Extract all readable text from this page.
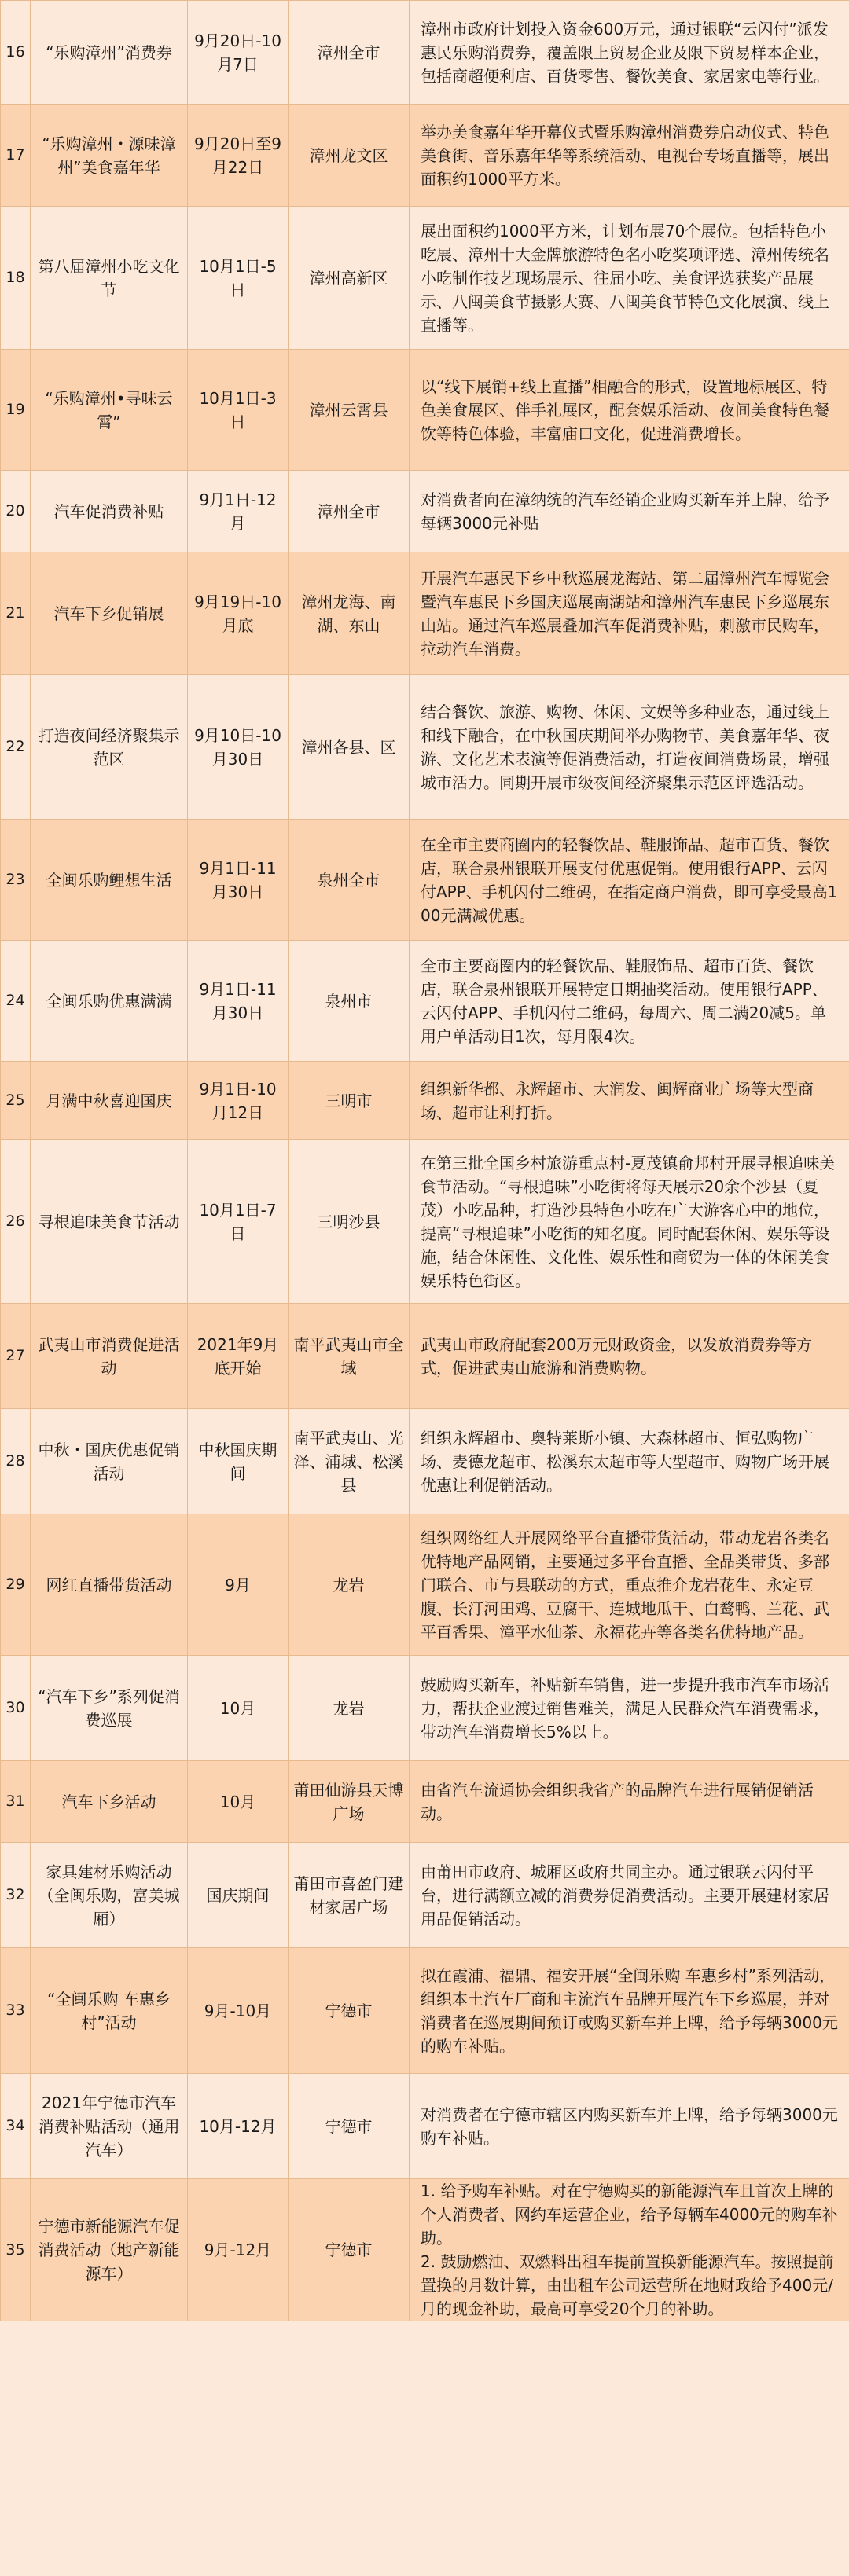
16	“乐购漳州”消费券	9月20日-10月7日	漳州全市	漳州市政府计划投入资金600万元，通过银联“云闪付”派发惠民乐购消费券，覆盖限上贸易企业及限下贸易样本企业，包括商超便利店、百货零售、餐饮美食、家居家电等行业。
17	“乐购漳州・源味漳州”美食嘉年华	9月20日至9月22日	漳州龙文区	举办美食嘉年华开幕仪式暨乐购漳州消费券启动仪式、特色美食街、音乐嘉年华等系统活动、电视台专场直播等，展出面积约1000平方米。
18	第八届漳州小吃文化节	10月1日-5日	漳州高新区	展出面积约1000平方米，计划布展70个展位。包括特色小吃展、漳州十大金牌旅游特色名小吃奖项评选、漳州传统名小吃制作技艺现场展示、往届小吃、美食评选获奖产品展示、八闽美食节摄影大赛、八闽美食节特色文化展演、线上直播等。
19	“乐购漳州•寻味云霄”	10月1日-3日	漳州云霄县	以“线下展销+线上直播”相融合的形式，设置地标展区、特色美食展区、伴手礼展区，配套娱乐活动、夜间美食特色餐饮等特色体验，丰富庙口文化，促进消费增长。
20	汽车促消费补贴	9月1日-12月	漳州全市	对消费者向在漳纳统的汽车经销企业购买新车并上牌，给予每辆3000元补贴
21	汽车下乡促销展	9月19日-10月底	漳州龙海、南湖、东山	开展汽车惠民下乡中秋巡展龙海站、第二届漳州汽车博览会暨汽车惠民下乡国庆巡展南湖站和漳州汽车惠民下乡巡展东山站。通过汽车巡展叠加汽车促消费补贴，刺激市民购车，拉动汽车消费。
22	打造夜间经济聚集示范区	9月10日-10月30日	漳州各县、区	结合餐饮、旅游、购物、休闲、文娱等多种业态，通过线上和线下融合，在中秋国庆期间举办购物节、美食嘉年华、夜游、文化艺术表演等促消费活动，打造夜间消费场景，增强城市活力。同期开展市级夜间经济聚集示范区评选活动。
23	全闽乐购鲤想生活	9月1日-11月30日	泉州全市	在全市主要商圈内的轻餐饮品、鞋服饰品、超市百货、餐饮店，联合泉州银联开展支付优惠促销。使用银行APP、云闪付APP、手机闪付二维码，在指定商户消费，即可享受最高100元满减优惠。
24	全闽乐购优惠满满	9月1日-11月30日	泉州市	全市主要商圈内的轻餐饮品、鞋服饰品、超市百货、餐饮店，联合泉州银联开展特定日期抽奖活动。使用银行APP、云闪付APP、手机闪付二维码，每周六、周二满20减5。单用户单活动日1次，每月限4次。
25	月满中秋喜迎国庆	9月1日-10月12日	三明市	组织新华都、永辉超市、大润发、闽辉商业广场等大型商场、超市让利打折。
26	寻根追味美食节活动	10月1日-7日	三明沙县	在第三批全国乡村旅游重点村-夏茂镇俞邦村开展寻根追味美食节活动。“寻根追味”小吃街将每天展示20余个沙县（夏茂）小吃品种，打造沙县特色小吃在广大游客心中的地位，提高“寻根追味”小吃街的知名度。同时配套休闲、娱乐等设施，结合休闲性、文化性、娱乐性和商贸为一体的休闲美食娱乐特色街区。
27	武夷山市消费促进活动	2021年9月底开始	南平武夷山市全域	武夷山市政府配套200万元财政资金，以发放消费券等方式，促进武夷山旅游和消费购物。
28	中秋・国庆优惠促销活动	中秋国庆期间	南平武夷山、光泽、浦城、松溪县	组织永辉超市、奥特莱斯小镇、大森林超市、恒弘购物广场、麦德龙超市、松溪东太超市等大型超市、购物广场开展优惠让利促销活动。
29	网红直播带货活动	9月	龙岩	组织网络红人开展网络平台直播带货活动，带动龙岩各类名优特地产品网销，主要通过多平台直播、全品类带货、多部门联合、市与县联动的方式，重点推介龙岩花生、永定豆腹、长汀河田鸡、豆腐干、连城地瓜干、白鹜鸭、兰花、武平百香果、漳平水仙茶、永福花卉等各类名优特地产品。
30	“汽车下乡”系列促消费巡展	10月	龙岩	鼓励购买新车，补贴新车销售，进一步提升我市汽车市场活力，帮扶企业渡过销售难关，满足人民群众汽车消费需求，带动汽车消费增长5%以上。
31	汽车下乡活动	10月	莆田仙游县天博广场	由省汽车流通协会组织我省产的品牌汽车进行展销促销活动。
32	家具建材乐购活动（全闽乐购，富美城厢）	国庆期间	莆田市喜盈门建材家居广场	由莆田市政府、城厢区政府共同主办。通过银联云闪付平台，进行满额立减的消费券促消费活动。主要开展建材家居用品促销活动。
33	“全闽乐购 车惠乡村”活动	9月-10月	宁德市	拟在霞浦、福鼎、福安开展“全闽乐购 车惠乡村”系列活动，组织本土汽车厂商和主流汽车品牌开展汽车下乡巡展，并对消费者在巡展期间预订或购买新车并上牌，给予每辆3000元的购车补贴。
34	2021年宁德市汽车消费补贴活动（通用汽车）	10月-12月	宁德市	对消费者在宁德市辖区内购买新车并上牌，给予每辆3000元购车补贴。
35	宁德市新能源汽车促消费活动（地产新能源车）	9月-12月	宁德市	1. 给予购车补贴。对在宁德购买的新能源汽车且首次上牌的个人消费者、网约车运营企业，给予每辆车4000元的购车补助。
2. 鼓励燃油、双燃料出租车提前置换新能源汽车。按照提前置换的月数计算，由出租车公司运营所在地财政给予400元/月的现金补助，最高可享受20个月的补助。
